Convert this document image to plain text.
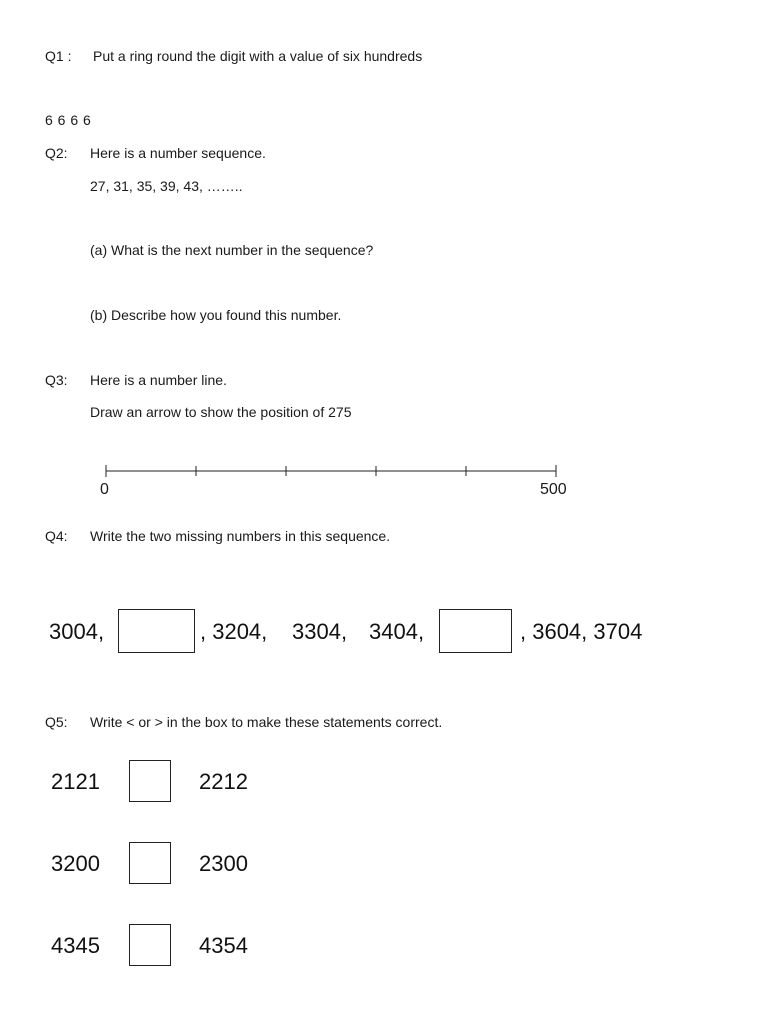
Q1 : Put a ring round the digit with a value of six hundreds
6 6 6 6
Q2: Here is a number sequence.
27, 31, 35, 39, 43, ……..
(a) What is the next number in the sequence?
(b) Describe how you found this number.
Q3: Here is a number line.
Draw an arrow to show the position of 275
0	500
Q4: Write the two missing numbers in this sequence.
3004,	, 3204, 3304, 3404,	, 3604, 3704
Q5: Write < or > in the box to make these statements correct.
2121	2212
3200	2300
4345	4354
